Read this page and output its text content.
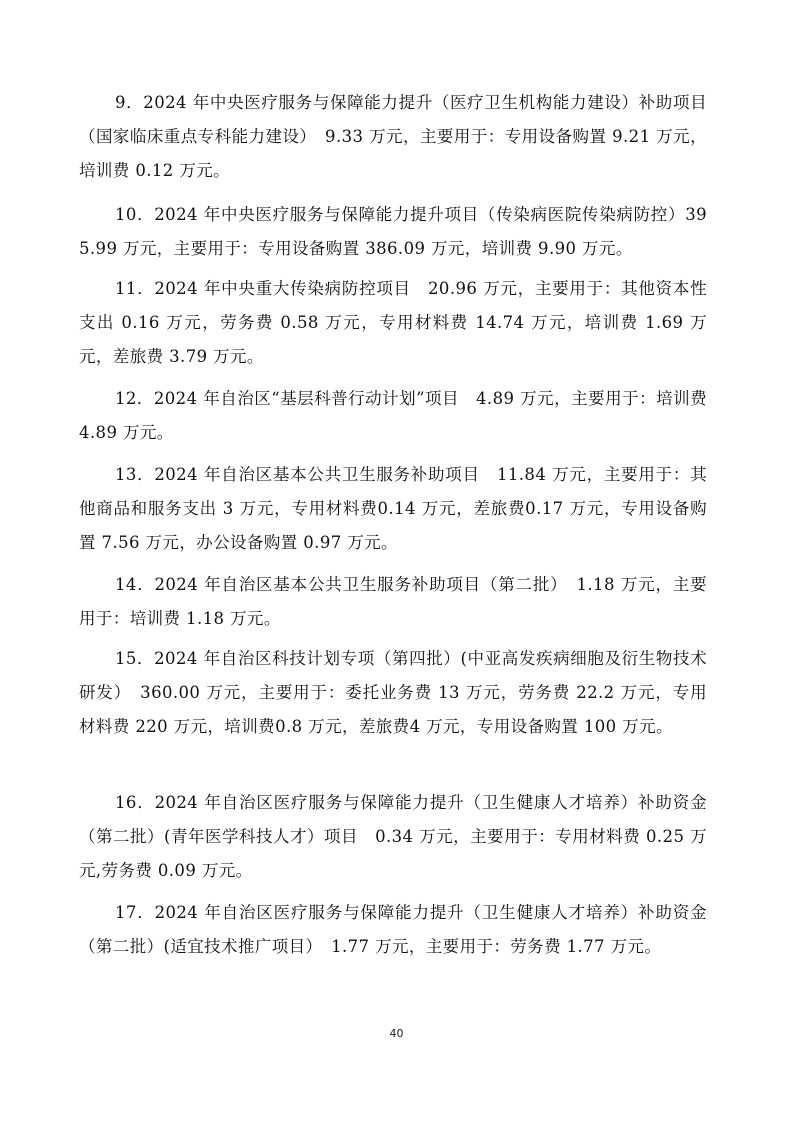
9．2024 年中央医疗服务与保障能力提升（医疗卫生机构能力建设）补助项目（国家临床重点专科能力建设）　9.33 万元，主要用于：专用设备购置 9.21 万元，培训费 0.12 万元。

10．2024 年中央医疗服务与保障能力提升项目（传染病医院传染病防控）395.99 万元，主要用于：专用设备购置 386.09 万元，培训费 9.90 万元。

11．2024 年中央重大传染病防控项目　20.96 万元，主要用于：其他资本性支出 0.16 万元，劳务费 0.58 万元，专用材料费 14.74 万元，培训费 1.69 万元，差旅费 3.79 万元。

12．2024 年自治区“基层科普行动计划”项目　4.89 万元，主要用于：培训费 4.89 万元。

13．2024 年自治区基本公共卫生服务补助项目　11.84 万元，主要用于：其他商品和服务支出 3 万元，专用材料费0.14 万元，差旅费0.17 万元，专用设备购置 7.56 万元，办公设备购置 0.97 万元。

14．2024 年自治区基本公共卫生服务补助项目（第二批）　1.18 万元，主要用于：培训费 1.18 万元。

15．2024 年自治区科技计划专项（第四批）(中亚高发疾病细胞及衍生物技术研发）　360.00 万元，主要用于：委托业务费 13 万元，劳务费 22.2 万元，专用材料费 220 万元，培训费0.8 万元，差旅费4 万元，专用设备购置 100 万元。

16．2024 年自治区医疗服务与保障能力提升（卫生健康人才培养）补助资金（第二批）(青年医学科技人才）项目　0.34 万元，主要用于：专用材料费 0.25 万元,劳务费 0.09 万元。

17．2024 年自治区医疗服务与保障能力提升（卫生健康人才培养）补助资金（第二批）(适宜技术推广项目）　1.77 万元，主要用于：劳务费 1.77 万元。

40
